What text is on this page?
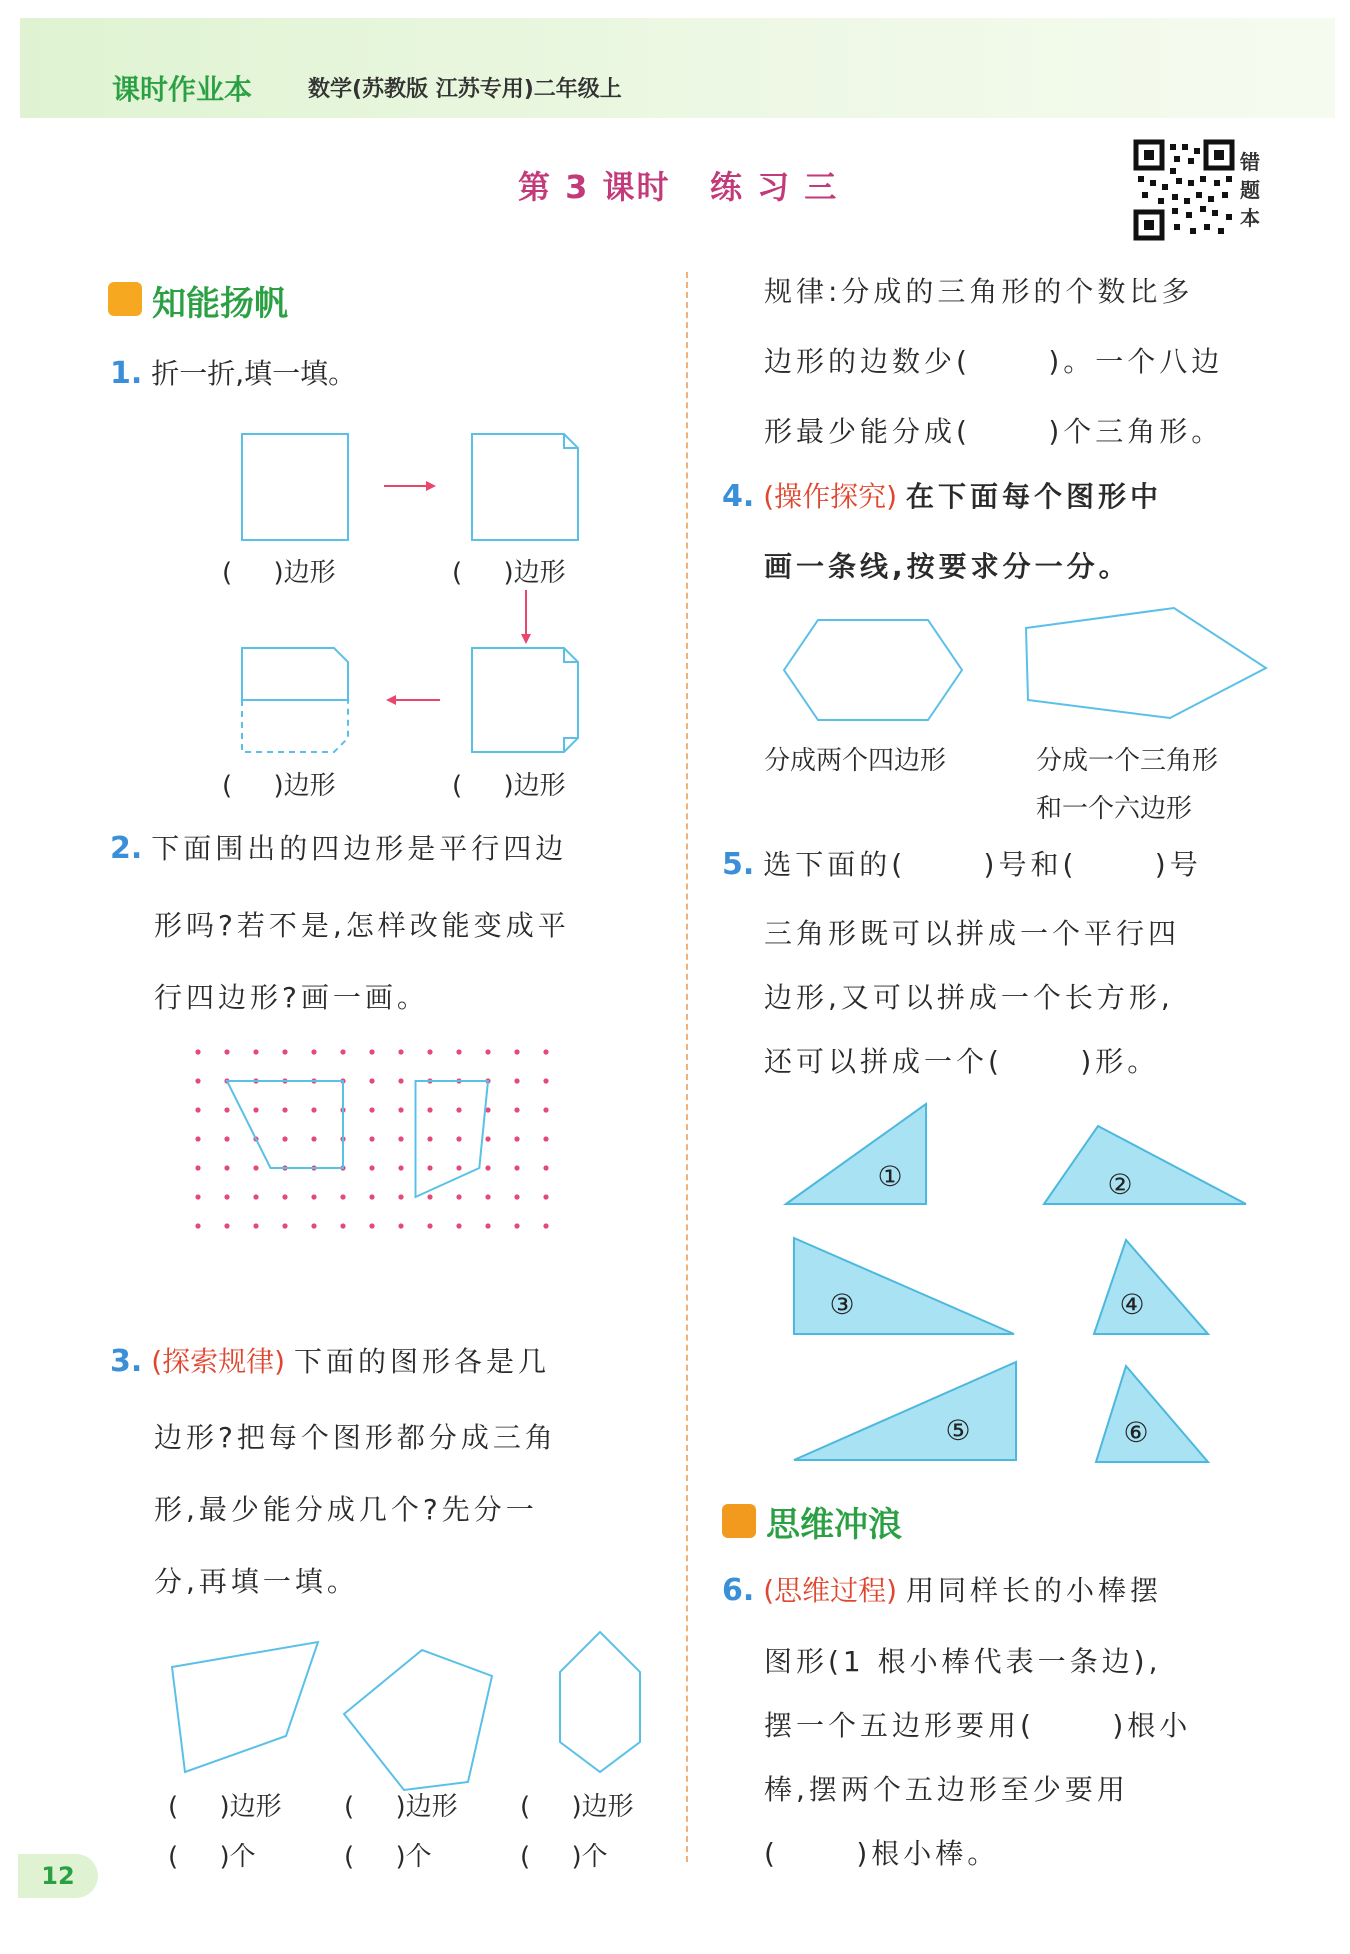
课时作业本	数学(苏教版 江苏专用)二年级上
第 3 课时   练 习 三
错题本
知能扬帆
1. 折一折,填一填。
(     )边形	(     )边形
(     )边形	(     )边形
2. 下面围出的四边形是平行四边
形吗?若不是,怎样改能变成平
行四边形?画一画。
3. (探索规律) 下面的图形各是几
边形?把每个图形都分成三角
形,最少能分成几个?先分一
分,再填一填。
(     )边形 (     )边形 (     )边形
(     )个	(     )个	(     )个
规律:分成的三角形的个数比多
边形的边数少(      )。一个八边
形最少能分成(      )个三角形。
4. (操作探究) 在下面每个图形中
画一条线,按要求分一分。
分成两个四边形	分成一个三角形
和一个六边形
5. 选下面的(      )号和(      )号
三角形既可以拼成一个平行四
边形,又可以拼成一个长方形,
还可以拼成一个(      )形。
①	②
③	④
⑤	⑥
思维冲浪
6. (思维过程) 用同样长的小棒摆
图形(1 根小棒代表一条边),
摆一个五边形要用(      )根小
棒,摆两个五边形至少要用
(      )根小棒。
12
